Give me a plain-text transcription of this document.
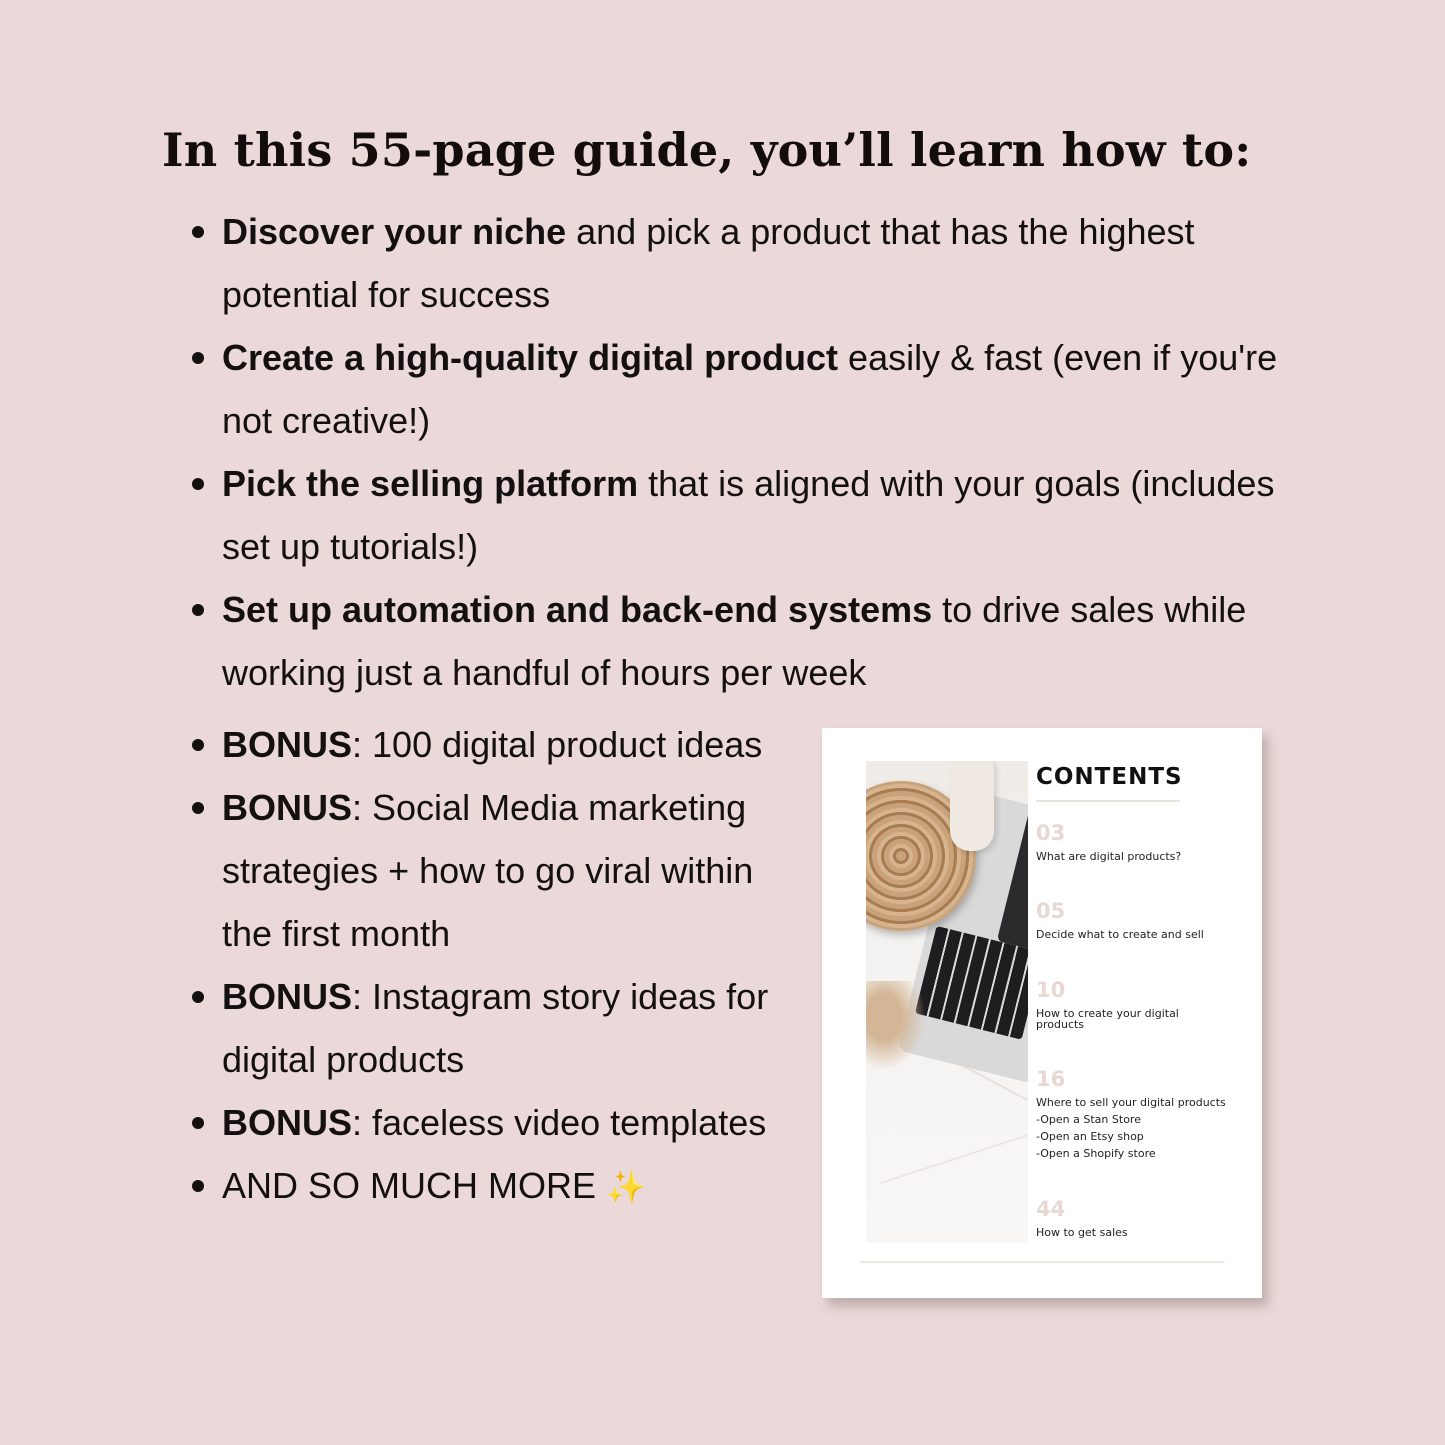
In this 55-page guide, you’ll learn how to:
Discover your niche and pick a product that has the highest potential for success
Create a high-quality digital product easily & fast (even if you're not creative!)
Pick the selling platform that is aligned with your goals (includes set up tutorials!)
Set up automation and back-end systems to drive sales while working just a handful of hours per week
BONUS: 100 digital product ideas
BONUS: Social Media marketing strategies + how to go viral within the first month
BONUS: Instagram story ideas for digital products
BONUS: faceless video templates
AND SO MUCH MORE ✨
CONTENTS
03
What are digital products?
05
Decide what to create and sell
10
How to create your digital products
16
Where to sell your digital products
-Open a Stan Store
-Open an Etsy shop
-Open a Shopify store
44
How to get sales
